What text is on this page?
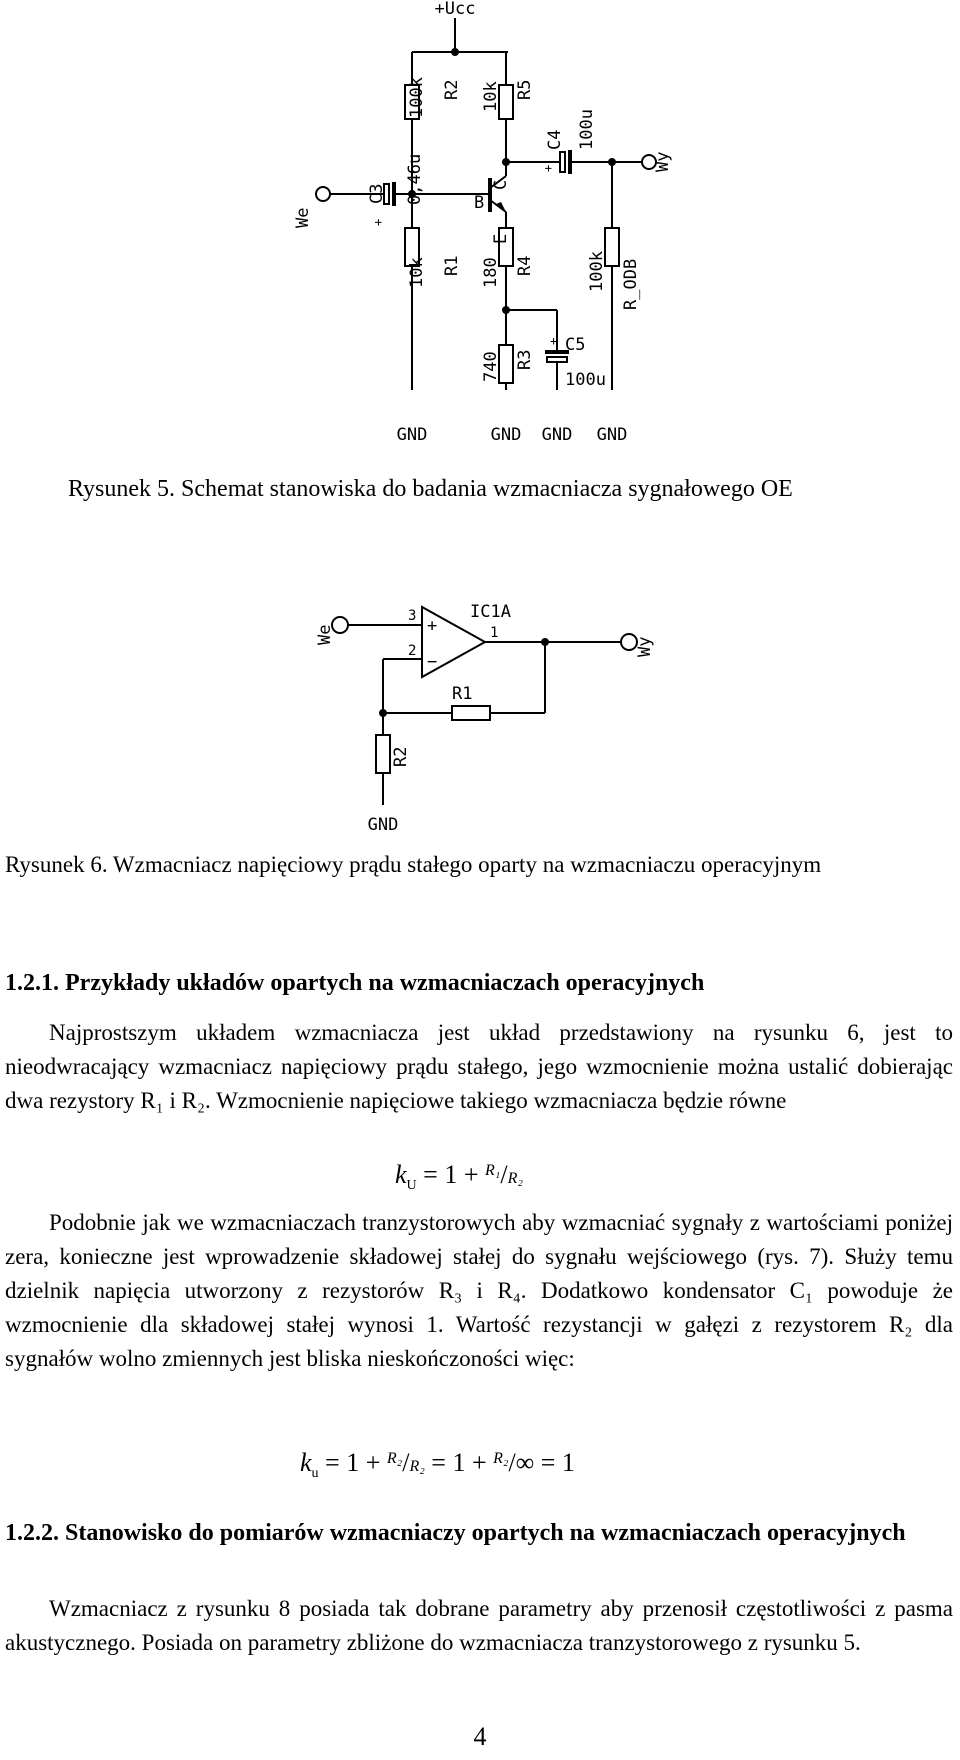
+Ucc
100k R2 10k R5
100u
C4
+	Wy
We
C3
+
0,46u	B
C
E
10k R1 180 R4	100k R_ODB
740 R3
C5
+
100u
GND	GND GND GND
Rysunek 5. Schemat stanowiska do badania wzmacniacza sygnałowego OE
We
3
2
+
−
IC1A
1
Wy
R1
R2
GND
Rysunek 6. Wzmacniacz napięciowy prądu stałego oparty na wzmacniaczu operacyjnym
1.2.1. Przykłady układów opartych na wzmacniaczach operacyjnych
Najprostszym układem wzmacniacza jest układ przedstawiony na rysunku 6, jest to nieodwracający wzmacniacz napięciowy prądu stałego, jego wzmocnienie można ustalić dobierając dwa rezystory R₁ i R₂. Wzmocnienie napięciowe takiego wzmacniacza będzie równe
$k_U = 1 + ^{R_1}/R_2$
Podobnie jak we wzmacniaczach tranzystorowych aby wzmacniać sygnały z wartościami poniżej zera, konieczne jest wprowadzenie składowej stałej do sygnału wejściowego (rys. 7). Służy temu dzielnik napięcia utworzony z rezystorów R₃ i R₄. Dodatkowo kondensator C₁ powoduje że wzmocnienie dla składowej stałej wynosi 1. Wartość rezystancji w gałęzi z rezystorem R₂ dla sygnałów wolno zmiennych jest bliska nieskończoności więc:
$k_u = 1 + ^{R_2}/R_2 = 1 + ^{R_2}/\infty = 1$
1.2.2. Stanowisko do pomiarów wzmacniaczy opartych na wzmacniaczach operacyjnych
Wzmacniacz z rysunku 8 posiada tak dobrane parametry aby przenosił częstotliwości z pasma akustycznego. Posiada on parametry zbliżone do wzmacniacza tranzystorowego z rysunku 5.
4
